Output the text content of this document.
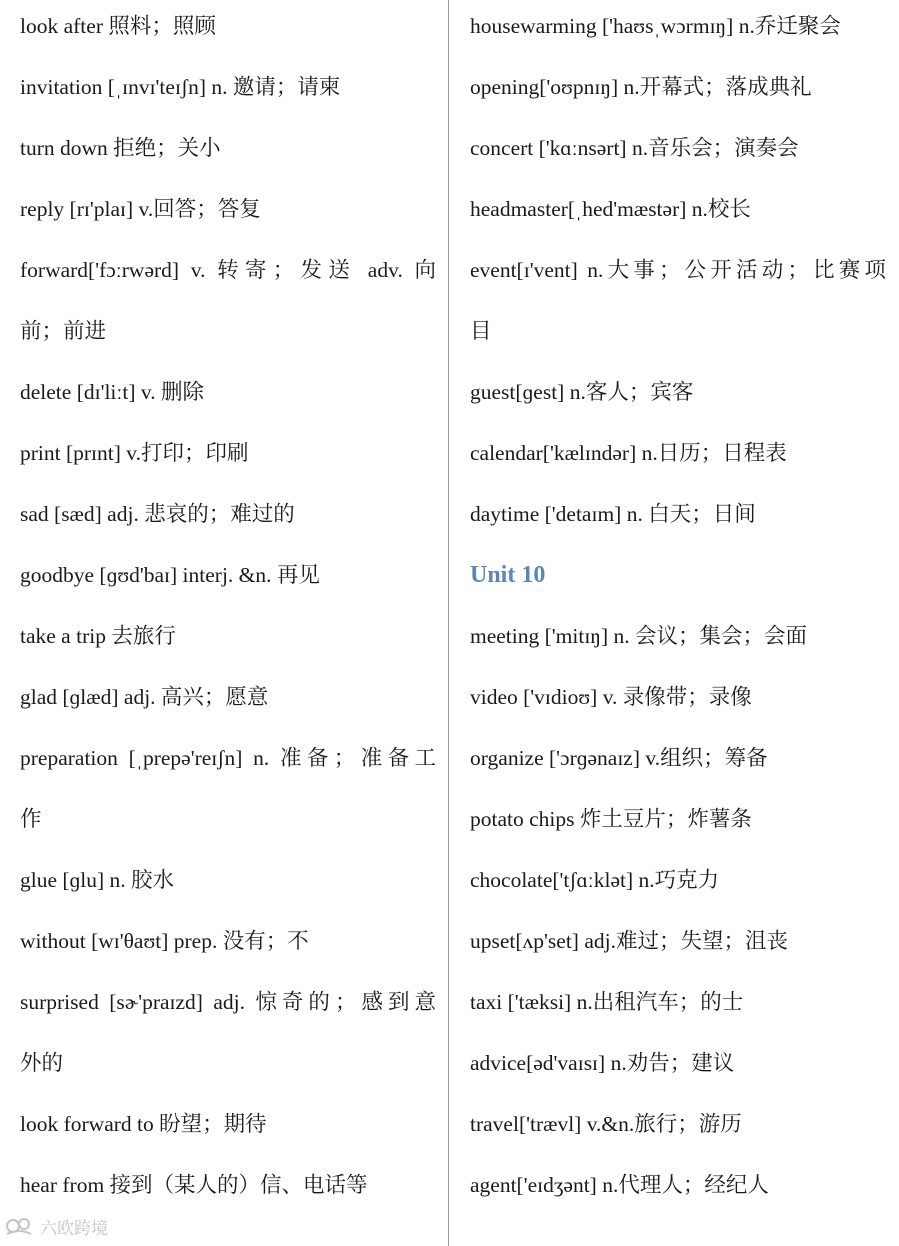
look after 照料；照顾
invitation [ˌɪnvɪ'teɪʃn] n. 邀请；请柬
turn down 拒绝；关小
reply [rɪ'plaɪ] v.回答；答复
forward['fɔːrwərd] v. 转寄；发送 adv. 向
前；前进
delete [dɪ'liːt] v. 删除
print [prɪnt] v.打印；印刷
sad [sæd] adj. 悲哀的；难过的
goodbye [ɡʊd'baɪ] interj. &n. 再见
take a trip 去旅行
glad [ɡlæd] adj. 高兴；愿意
preparation [ˌprepə'reɪʃn] n. 准备；准备工
作
glue [ɡlu] n. 胶水
without [wɪ'θaʊt] prep. 没有；不
surprised [sɚ'praɪzd] adj. 惊奇的；感到意
外的
look forward to 盼望；期待
hear from 接到（某人的）信、电话等
housewarming ['haʊsˌwɔrmɪŋ] n.乔迁聚会
opening['oʊpnɪŋ] n.开幕式；落成典礼
concert ['kɑːnsərt] n.音乐会；演奏会
headmaster[ˌhed'mæstər] n.校长
event[ɪ'vent] n.大事；公开活动；比赛项
目
guest[ɡest] n.客人；宾客
calendar['kælɪndər] n.日历；日程表
daytime ['detaɪm] n. 白天；日间
Unit 10
meeting ['mitɪŋ] n. 会议；集会；会面
video ['vɪdioʊ] v. 录像带；录像
organize ['ɔrɡənaɪz] v.组织；筹备
potato chips 炸土豆片；炸薯条
chocolate['tʃɑːklət] n.巧克力
upset[ʌp'set] adj.难过；失望；沮丧
taxi ['tæksi] n.出租汽车；的士
advice[əd'vaɪsɪ] n.劝告；建议
travel['trævl] v.&n.旅行；游历
agent['eɪdʒənt] n.代理人；经纪人
六欧跨境
